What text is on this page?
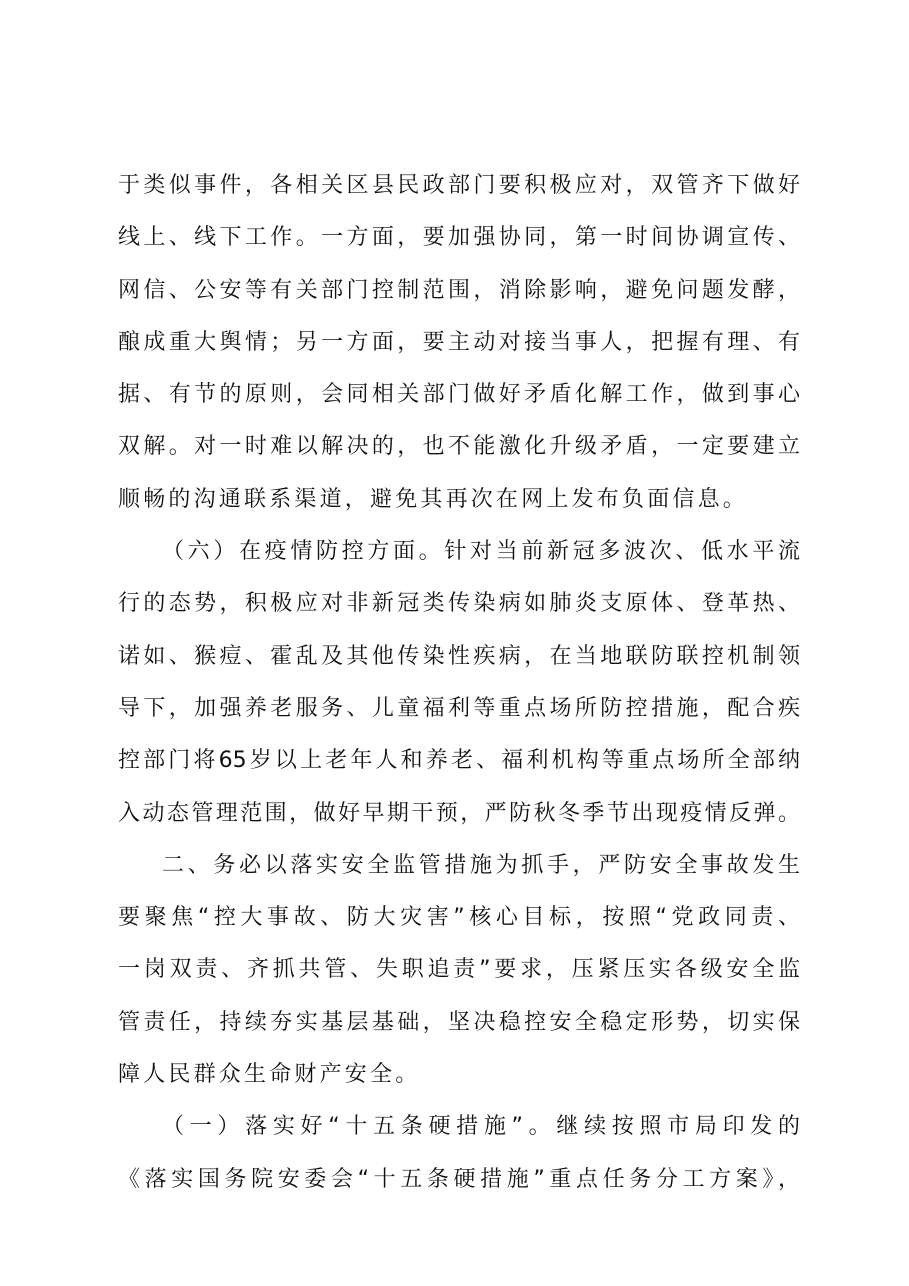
于类似事件，各相关区县民政部门要积极应对，双管齐下做好
线上、线下工作。一方面，要加强协同，第一时间协调宣传、
网信、公安等有关部门控制范围，消除影响，避免问题发酵，
酿成重大舆情；另一方面，要主动对接当事人，把握有理、有
据、有节的原则，会同相关部门做好矛盾化解工作，做到事心
双解。对一时难以解决的，也不能激化升级矛盾，一定要建立
顺畅的沟通联系渠道，避免其再次在网上发布负面信息。
（六）在疫情防控方面。针对当前新冠多波次、低水平流
行的态势，积极应对非新冠类传染病如肺炎支原体、登革热、
诺如、猴痘、霍乱及其他传染性疾病，在当地联防联控机制领
导下，加强养老服务、儿童福利等重点场所防控措施，配合疾
控部门将65岁以上老年人和养老、福利机构等重点场所全部纳
入动态管理范围，做好早期干预，严防秋冬季节出现疫情反弹。
二、务必以落实安全监管措施为抓手，严防安全事故发生
要聚焦“控大事故、防大灾害”核心目标，按照“党政同责、
一岗双责、齐抓共管、失职追责”要求，压紧压实各级安全监
管责任，持续夯实基层基础，坚决稳控安全稳定形势，切实保
障人民群众生命财产安全。
（一）落实好“十五条硬措施”。继续按照市局印发的
《落实国务院安委会“十五条硬措施”重点任务分工方案》，
